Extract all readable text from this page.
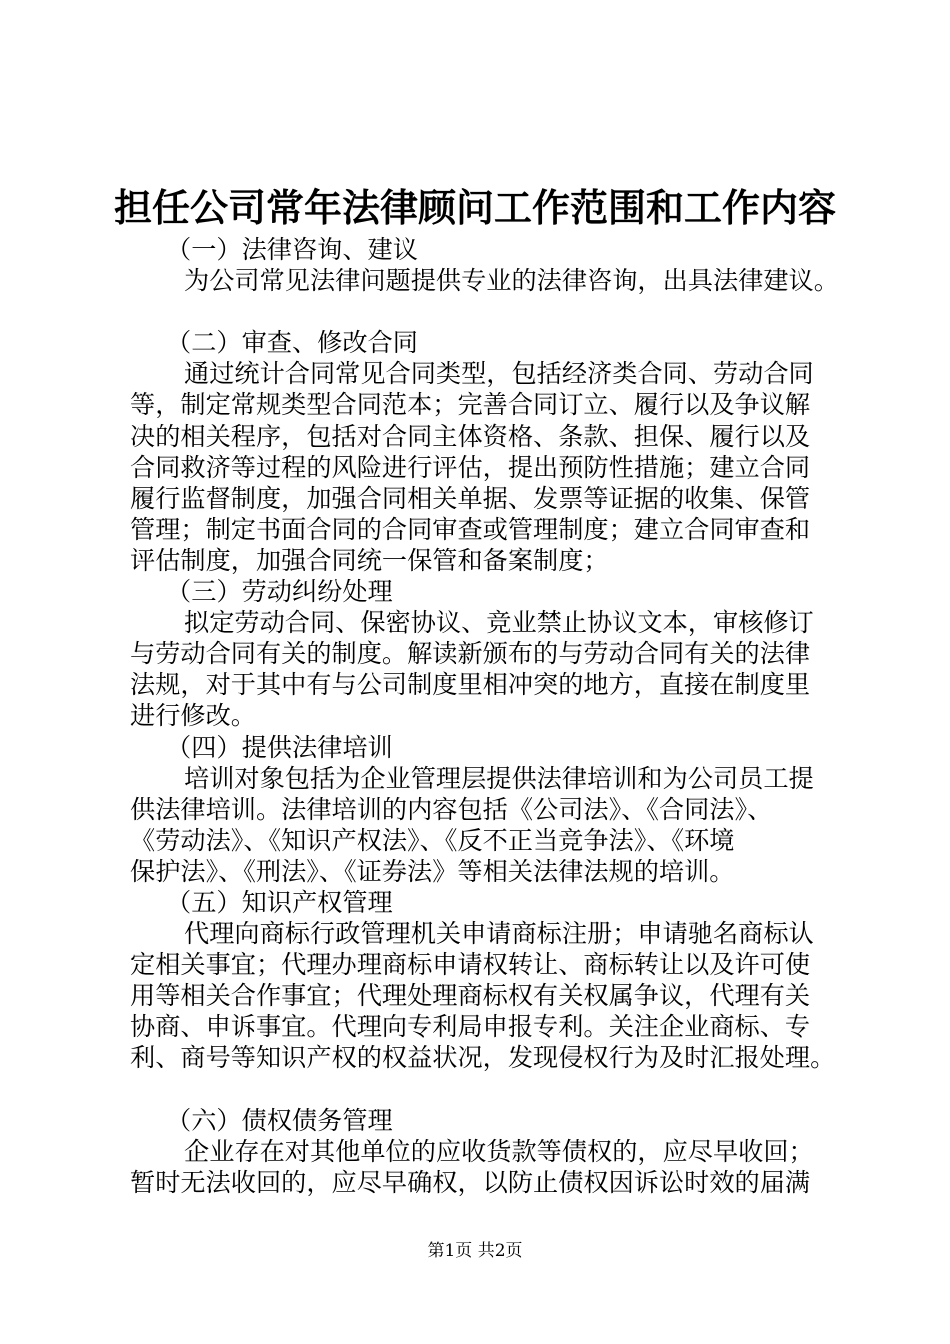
担任公司常年法律顾问工作范围和工作内容
（一）法律咨询、建议
为公司常见法律问题提供专业的法律咨询，出具法律建议。
（二）审查、修改合同
通过统计合同常见合同类型，包括经济类合同、劳动合同
等，制定常规类型合同范本；完善合同订立、履行以及争议解
决的相关程序，包括对合同主体资格、条款、担保、履行以及
合同救济等过程的风险进行评估，提出预防性措施；建立合同
履行监督制度，加强合同相关单据、发票等证据的收集、保管
管理；制定书面合同的合同审查或管理制度；建立合同审查和
评估制度，加强合同统一保管和备案制度；
（三）劳动纠纷处理
拟定劳动合同、保密协议、竞业禁止协议文本，审核修订
与劳动合同有关的制度。解读新颁布的与劳动合同有关的法律
法规，对于其中有与公司制度里相冲突的地方，直接在制度里
进行修改。
（四）提供法律培训
培训对象包括为企业管理层提供法律培训和为公司员工提
供法律培训。法律培训的内容包括《公司法》、《合同法》、
《劳动法》、《知识产权法》、《反不正当竞争法》、《环境
保护法》、《刑法》、《证券法》等相关法律法规的培训。
（五）知识产权管理
代理向商标行政管理机关申请商标注册；申请驰名商标认
定相关事宜；代理办理商标申请权转让、商标转让以及许可使
用等相关合作事宜；代理处理商标权有关权属争议，代理有关
协商、申诉事宜。代理向专利局申报专利。关注企业商标、专
利、商号等知识产权的权益状况，发现侵权行为及时汇报处理。
（六）债权债务管理
企业存在对其他单位的应收货款等债权的，应尽早收回；
暂时无法收回的，应尽早确权，以防止债权因诉讼时效的届满
第1页 共2页
